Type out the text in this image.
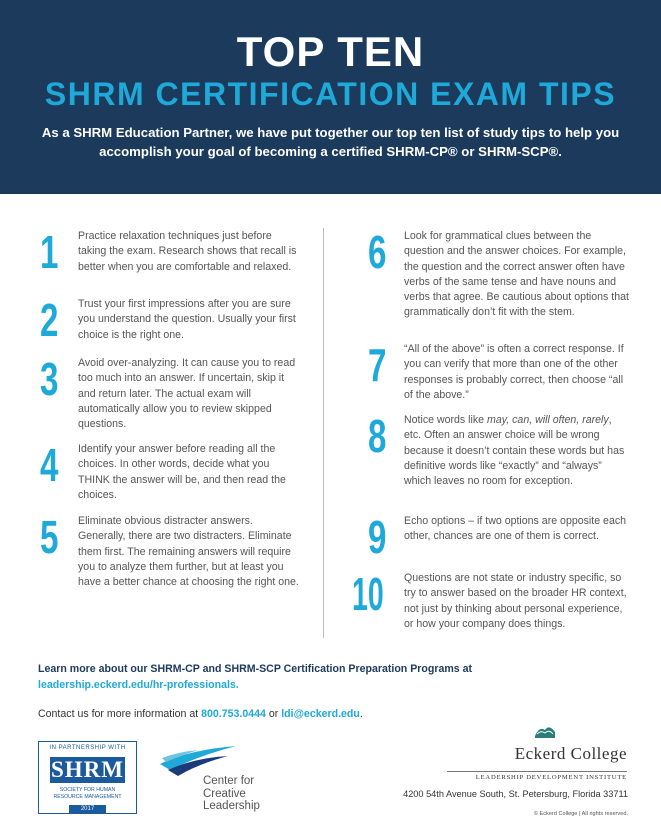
TOP TEN
SHRM CERTIFICATION EXAM TIPS
As a SHRM Education Partner, we have put together our top ten list of study tips to help you accomplish your goal of becoming a certified SHRM-CP® or SHRM-SCP®.
1 Practice relaxation techniques just before taking the exam. Research shows that recall is better when you are comfortable and relaxed.
2 Trust your first impressions after you are sure you understand the question. Usually your first choice is the right one.
3 Avoid over-analyzing. It can cause you to read too much into an answer. If uncertain, skip it and return later. The actual exam will automatically allow you to review skipped questions.
4 Identify your answer before reading all the choices. In other words, decide what you THINK the answer will be, and then read the choices.
5 Eliminate obvious distracter answers. Generally, there are two distracters. Eliminate them first. The remaining answers will require you to analyze them further, but at least you have a better chance at choosing the right one.
6 Look for grammatical clues between the question and the answer choices. For example, the question and the correct answer often have verbs of the same tense and have nouns and verbs that agree. Be cautious about options that grammatically don’t fit with the stem.
7 “All of the above” is often a correct response. If you can verify that more than one of the other responses is probably correct, then choose “all of the above.”
8 Notice words like may, can, will often, rarely, etc. Often an answer choice will be wrong because it doesn’t contain these words but has definitive words like “exactly” and “always” which leaves no room for exception.
9 Echo options – if two options are opposite each other, chances are one of them is correct.
10 Questions are not state or industry specific, so try to answer based on the broader HR context, not just by thinking about personal experience, or how your company does things.
Learn more about our SHRM-CP and SHRM-SCP Certification Preparation Programs at
leadership.eckerd.edu/hr-professionals.
Contact us for more information at 800.753.0444 or ldi@eckerd.edu.
IN PARTNERSHIP WITH
SHRM
SOCIETY FOR HUMAN
RESOURCE MANAGEMENT
2017
Center for
Creative
Leadership
Eckerd College
LEADERSHIP DEVELOPMENT INSTITUTE
4200 54th Avenue South, St. Petersburg, Florida 33711
© Eckerd College | All rights reserved.
